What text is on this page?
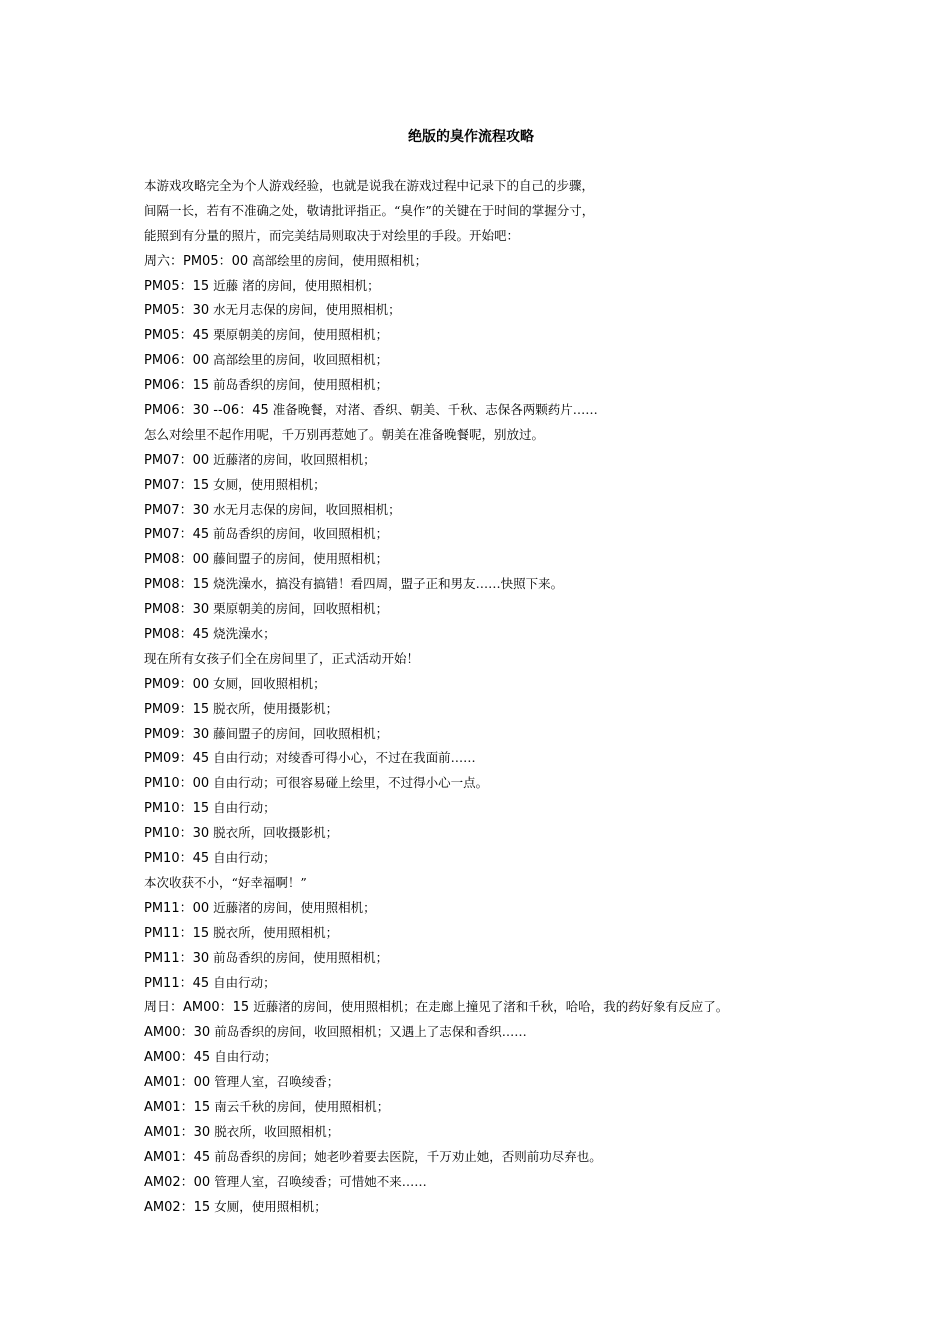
绝版的臭作流程攻略
本游戏攻略完全为个人游戏经验，也就是说我在游戏过程中记录下的自己的步骤，
间隔一长，若有不准确之处，敬请批评指正。“臭作”的关键在于时间的掌握分寸，
能照到有分量的照片，而完美结局则取决于对绘里的手段。开始吧：
周六：PM05：00 高部绘里的房间，使用照相机；
PM05：15 近藤 渚的房间，使用照相机；
PM05：30 水无月志保的房间，使用照相机；
PM05：45 栗原朝美的房间，使用照相机；
PM06：00 高部绘里的房间，收回照相机；
PM06：15 前岛香织的房间，使用照相机；
PM06：30 --06：45 准备晚餐，对渚、香织、朝美、千秋、志保各两颗药片……
怎么对绘里不起作用呢，千万别再惹她了。朝美在准备晚餐呢，别放过。
PM07：00 近藤渚的房间，收回照相机；
PM07：15 女厕，使用照相机；
PM07：30 水无月志保的房间，收回照相机；
PM07：45 前岛香织的房间，收回照相机；
PM08：00 藤间盟子的房间，使用照相机；
PM08：15 烧洗澡水，搞没有搞错！看四周，盟子正和男友……快照下来。
PM08：30 栗原朝美的房间，回收照相机；
PM08：45 烧洗澡水；
现在所有女孩子们全在房间里了，正式活动开始！
PM09：00 女厕，回收照相机；
PM09：15 脱衣所，使用摄影机；
PM09：30 藤间盟子的房间，回收照相机；
PM09：45 自由行动；对绫香可得小心，不过在我面前……
PM10：00 自由行动；可很容易碰上绘里，不过得小心一点。
PM10：15 自由行动；
PM10：30 脱衣所，回收摄影机；
PM10：45 自由行动；
本次收获不小，“好幸福啊！”
PM11：00 近藤渚的房间，使用照相机；
PM11：15 脱衣所，使用照相机；
PM11：30 前岛香织的房间，使用照相机；
PM11：45 自由行动；
周日：AM00：15 近藤渚的房间，使用照相机；在走廊上撞见了渚和千秋，哈哈，我的药好象有反应了。
AM00：30 前岛香织的房间，收回照相机；又遇上了志保和香织……
AM00：45 自由行动；
AM01：00 管理人室，召唤绫香；
AM01：15 南云千秋的房间，使用照相机；
AM01：30 脱衣所，收回照相机；
AM01：45 前岛香织的房间；她老吵着要去医院，千万劝止她，否则前功尽弃也。
AM02：00 管理人室，召唤绫香；可惜她不来……
AM02：15 女厕，使用照相机；
